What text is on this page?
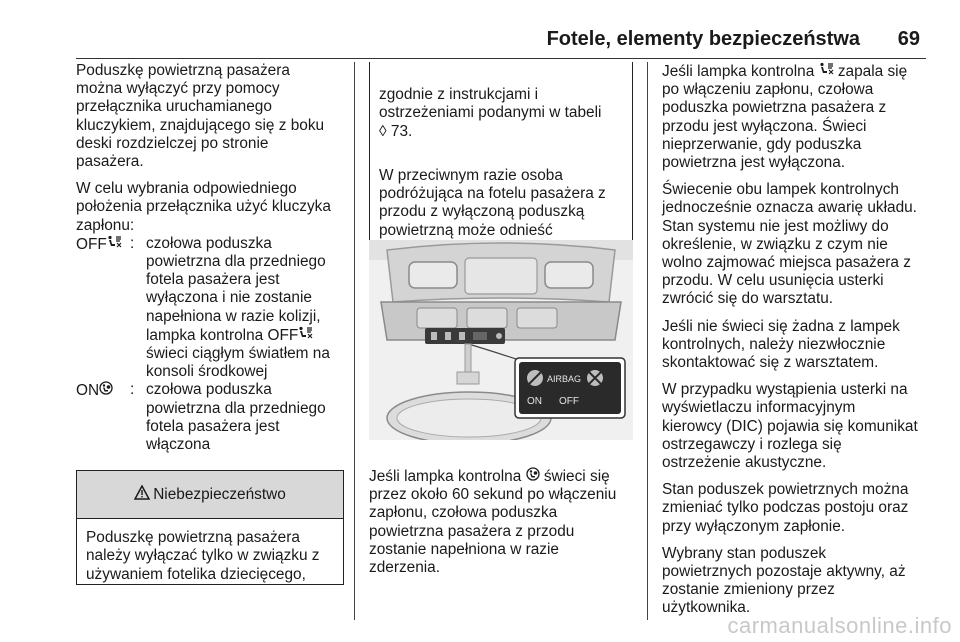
Fotele, elementy bezpieczeństwa 69

Poduszkę powietrzną pasażera
można wyłączyć przy pomocy
przełącznika uruchamianego
kluczykiem, znajdującego się z boku
deski rozdzielczej po stronie
pasażera.

W celu wybrania odpowiedniego
położenia przełącznika użyć kluczyka
zapłonu:

OFF	: czołowa poduszka
powietrzna dla przedniego
fotela pasażera jest
wyłączona i nie zostanie
napełniona w razie kolizji,
lampka kontrolna OFF
świeci ciągłym światłem na
konsoli środkowej
ON	: czołowa poduszka
powietrzna dla przedniego
fotela pasażera jest
włączona
Niebezpieczeństwo
Poduszkę powietrzną pasażera
należy wyłączać tylko w związku z
używaniem fotelika dziecięcego,

zgodnie z instrukcjami i
ostrzeżeniami podanymi w tabeli
◊ 73.

W przeciwnym razie osoba
podróżująca na fotelu pasażera z
przodu z wyłączoną poduszką
powietrzną może odnieść

AIRBAG
ON OFF
Jeśli lampka kontrolna  świeci się
przez około 60 sekund po włączeniu
zapłonu, czołowa poduszka
powietrzna pasażera z przodu
zostanie napełniona w razie
zderzenia.

Jeśli lampka kontrolna  zapala się
po włączeniu zapłonu, czołowa
poduszka powietrzna pasażera z
przodu jest wyłączona. Świeci
nieprzerwanie, gdy poduszka
powietrzna jest wyłączona.

Świecenie obu lampek kontrolnych
jednocześnie oznacza awarię układu.
Stan systemu nie jest możliwy do
określenie, w związku z czym nie
wolno zajmować miejsca pasażera z
przodu. W celu usunięcia usterki
zwrócić się do warsztatu.

Jeśli nie świeci się żadna z lampek
kontrolnych, należy niezwłocznie
skontaktować się z warsztatem.

W przypadku wystąpienia usterki na
wyświetlaczu informacyjnym
kierowcy (DIC) pojawia się komunikat
ostrzegawczy i rozlega się
ostrzeżenie akustyczne.

Stan poduszek powietrznych można
zmieniać tylko podczas postoju oraz
przy wyłączonym zapłonie.

Wybrany stan poduszek
powietrznych pozostaje aktywny, aż
zostanie zmieniony przez
użytkownika.

carmanualsonline.info
